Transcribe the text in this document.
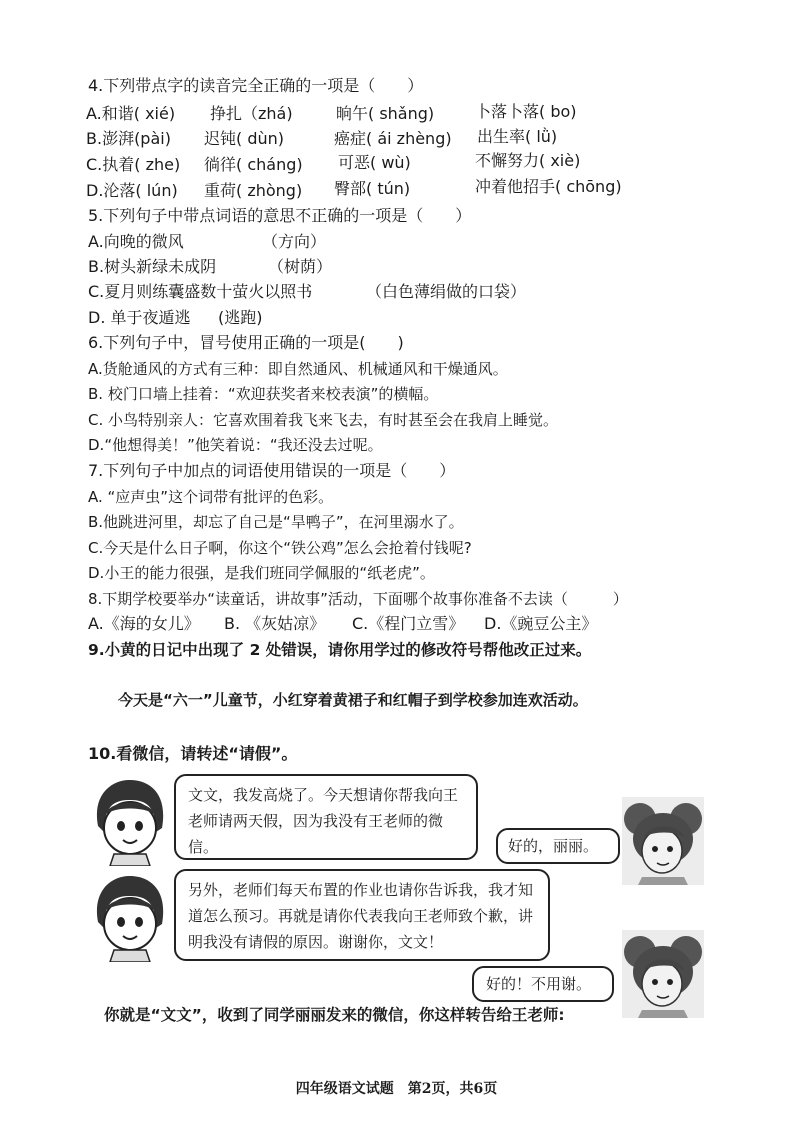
4.下列带点字的读音完全正确的一项是（　　）
A.和谐( xié) 挣扎（zhá)	晌午( shǎng)	卜落卜落( bo)
B.澎湃(pài) 迟钝( dùn)	癌症( ái zhèng) 出生率( lǜ)
C.执着( zhe) 徜徉( cháng) 可恶( wù)	不懈努力( xiè)
D.沦落( lún) 重荷( zhòng) 臀部( tún)	冲着他招手( chōng)
5.下列句子中带点词语的意思不正确的一项是（　　）
A.向晚的微风	（方向）
B.树头新绿未成阴	（树荫）
C.夏月则练囊盛数十萤火以照书	（白色薄绢做的口袋）
D. 单于夜遁逃 (逃跑)
6.下列句子中，冒号使用正确的一项是(　　)
A.货舱通风的方式有三种：即自然通风、机械通风和干燥通风。
B. 校门口墙上挂着：“欢迎获奖者来校表演”的横幅。
C. 小鸟特别亲人：它喜欢围着我飞来飞去，有时甚至会在我肩上睡觉。
D.“他想得美！”他笑着说：“我还没去过呢。
7.下列句子中加点的词语使用错误的一项是（　　）
A. “应声虫”这个词带有批评的色彩。
B.他跳进河里，却忘了自己是“旱鸭子”，在河里溺水了。
C.今天是什么日子啊，你这个“铁公鸡”怎么会抢着付钱呢?
D.小王的能力很强，是我们班同学佩服的“纸老虎”。
8.下期学校要举办“读童话，讲故事”活动，下面哪个故事你准备不去读（　　　）
A.《海的女儿》 B. 《灰姑凉》 C.《程门立雪》 D.《豌豆公主》
9.小黄的日记中出现了 2 处错误，请你用学过的修改符号帮他改正过来。
今天是“六一”儿童节，小红穿着黄裙子和红帽子到学校参加连欢活动。
10.看微信，请转述“请假”。
文文，我发高烧了。今天想请你帮我向王老师请两天假，因为我没有王老师的微信。	好的，丽丽。
另外，老师们每天布置的作业也请你告诉我，我才知道怎么预习。再就是请你代表我向王老师致个歉，讲明我没有请假的原因。谢谢你，文文！
好的！不用谢。
你就是“文文”，收到了同学丽丽发来的微信，你这样转告给王老师:
四年级语文试题　第2页，共6页
